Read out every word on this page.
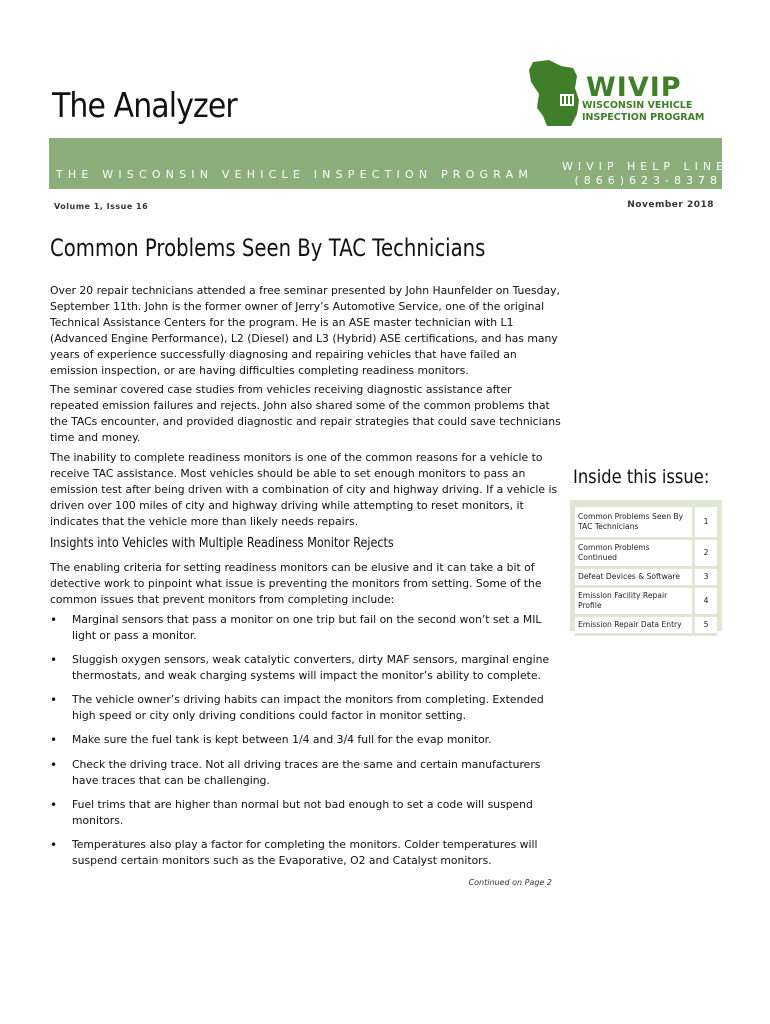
The Analyzer	WIVIP
WISCONSIN VEHICLE
INSPECTION PROGRAM
THE WISCONSIN VEHICLE INSPECTION PROGRAM
WIVIP HELP LINE
(866)623-8378
Volume 1, Issue 16	November 2018
Common Problems Seen By TAC Technicians
Over 20 repair technicians attended a free seminar presented by John Haunfelder on Tuesday, September 11th. John is the former owner of Jerry’s Automotive Service, one of the original Technical Assistance Centers for the program. He is an ASE master technician with L1 (Advanced Engine Performance), L2 (Diesel) and L3 (Hybrid) ASE certifications, and has many years of experience successfully diagnosing and repairing vehicles that have failed an emission inspection, or are having difficulties completing readiness monitors.
The seminar covered case studies from vehicles receiving diagnostic assistance after repeated emission failures and rejects. John also shared some of the common problems that the TACs encounter, and provided diagnostic and repair strategies that could save technicians time and money.
The inability to complete readiness monitors is one of the common reasons for a vehicle to receive TAC assistance. Most vehicles should be able to set enough monitors to pass an emission test after being driven with a combination of city and highway driving. If a vehicle is driven over 100 miles of city and highway driving while attempting to reset monitors, it indicates that the vehicle more than likely needs repairs.
Insights into Vehicles with Multiple Readiness Monitor Rejects
The enabling criteria for setting readiness monitors can be elusive and it can take a bit of detective work to pinpoint what issue is preventing the monitors from setting. Some of the common issues that prevent monitors from completing include:
• Marginal sensors that pass a monitor on one trip but fail on the second won’t set a MIL light or pass a monitor.
• Sluggish oxygen sensors, weak catalytic converters, dirty MAF sensors, marginal engine thermostats, and weak charging systems will impact the monitor’s ability to complete.
• The vehicle owner’s driving habits can impact the monitors from completing. Extended high speed or city only driving conditions could factor in monitor setting.
• Make sure the fuel tank is kept between 1/4 and 3/4 full for the evap monitor.
• Check the driving trace. Not all driving traces are the same and certain manufacturers have traces that can be challenging.
• Fuel trims that are higher than normal but not bad enough to set a code will suspend monitors.
• Temperatures also play a factor for completing the monitors. Colder temperatures will suspend certain monitors such as the Evaporative, O2 and Catalyst monitors.
Continued on Page 2
Inside this issue:
Common Problems Seen By TAC Technicians	1
Common Problems Continued	2
Defeat Devices & Software	3
Emission Facility Repair Profile	4
Emission Repair Data Entry	5
